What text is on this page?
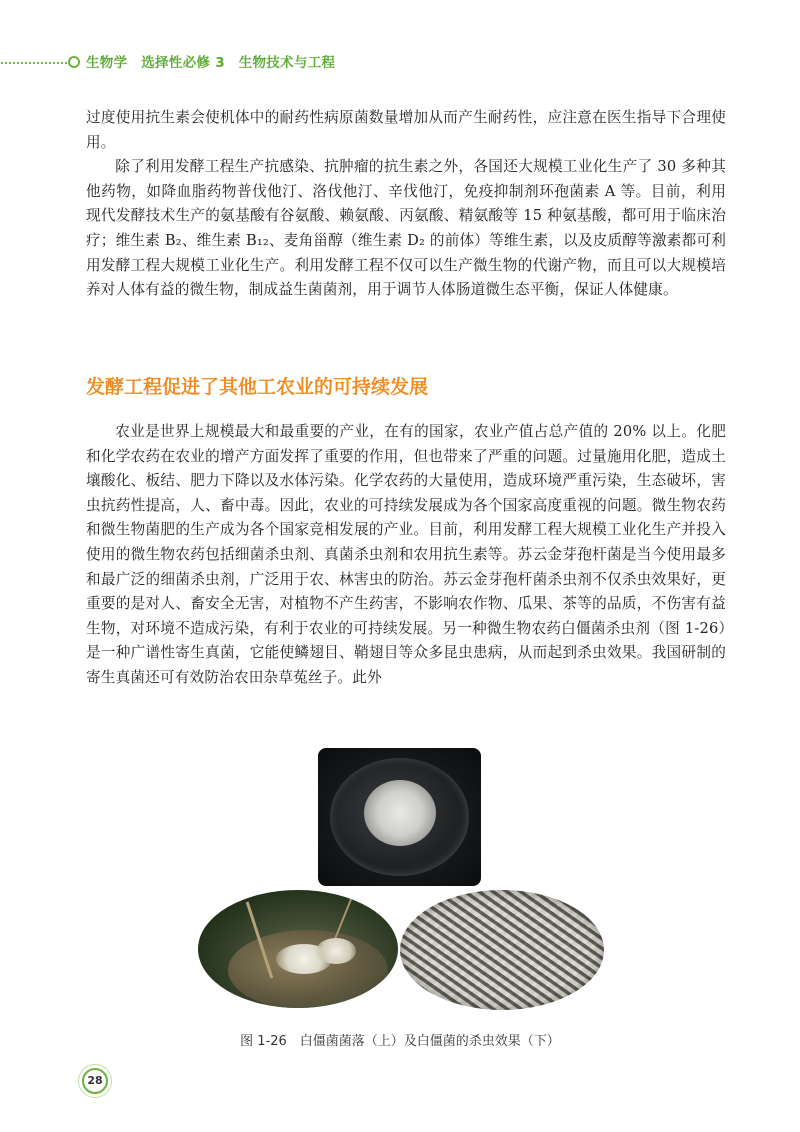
生物学　选择性必修 3　生物技术与工程

过度使用抗生素会使机体中的耐药性病原菌数量增加从而产生耐药性，应注意在医生指导下合理使用。

除了利用发酵工程生产抗感染、抗肿瘤的抗生素之外，各国还大规模工业化生产了 30 多种其他药物，如降血脂药物普伐他汀、洛伐他汀、辛伐他汀，免疫抑制剂环孢菌素 A 等。目前，利用现代发酵技术生产的氨基酸有谷氨酸、赖氨酸、丙氨酸、精氨酸等 15 种氨基酸，都可用于临床治疗；维生素 B₂、维生素 B₁₂、麦角甾醇（维生素 D₂ 的前体）等维生素，以及皮质醇等激素都可利用发酵工程大规模工业化生产。利用发酵工程不仅可以生产微生物的代谢产物，而且可以大规模培养对人体有益的微生物，制成益生菌菌剂，用于调节人体肠道微生态平衡，保证人体健康。

发酵工程促进了其他工农业的可持续发展

农业是世界上规模最大和最重要的产业，在有的国家，农业产值占总产值的 20% 以上。化肥和化学农药在农业的增产方面发挥了重要的作用，但也带来了严重的问题。过量施用化肥，造成土壤酸化、板结、肥力下降以及水体污染。化学农药的大量使用，造成环境严重污染，生态破坏，害虫抗药性提高，人、畜中毒。因此，农业的可持续发展成为各个国家高度重视的问题。微生物农药和微生物菌肥的生产成为各个国家竞相发展的产业。目前，利用发酵工程大规模工业化生产并投入使用的微生物农药包括细菌杀虫剂、真菌杀虫剂和农用抗生素等。苏云金芽孢杆菌是当今使用最多和最广泛的细菌杀虫剂，广泛用于农、林害虫的防治。苏云金芽孢杆菌杀虫剂不仅杀虫效果好，更重要的是对人、畜安全无害，对植物不产生药害，不影响农作物、瓜果、茶等的品质，不伤害有益生物，对环境不造成污染，有利于农业的可持续发展。另一种微生物农药白僵菌杀虫剂（图 1-26）是一种广谱性寄生真菌，它能使鳞翅目、鞘翅目等众多昆虫患病，从而起到杀虫效果。我国研制的寄生真菌还可有效防治农田杂草菟丝子。此外

图 1-26　白僵菌菌落（上）及白僵菌的杀虫效果（下）
28
